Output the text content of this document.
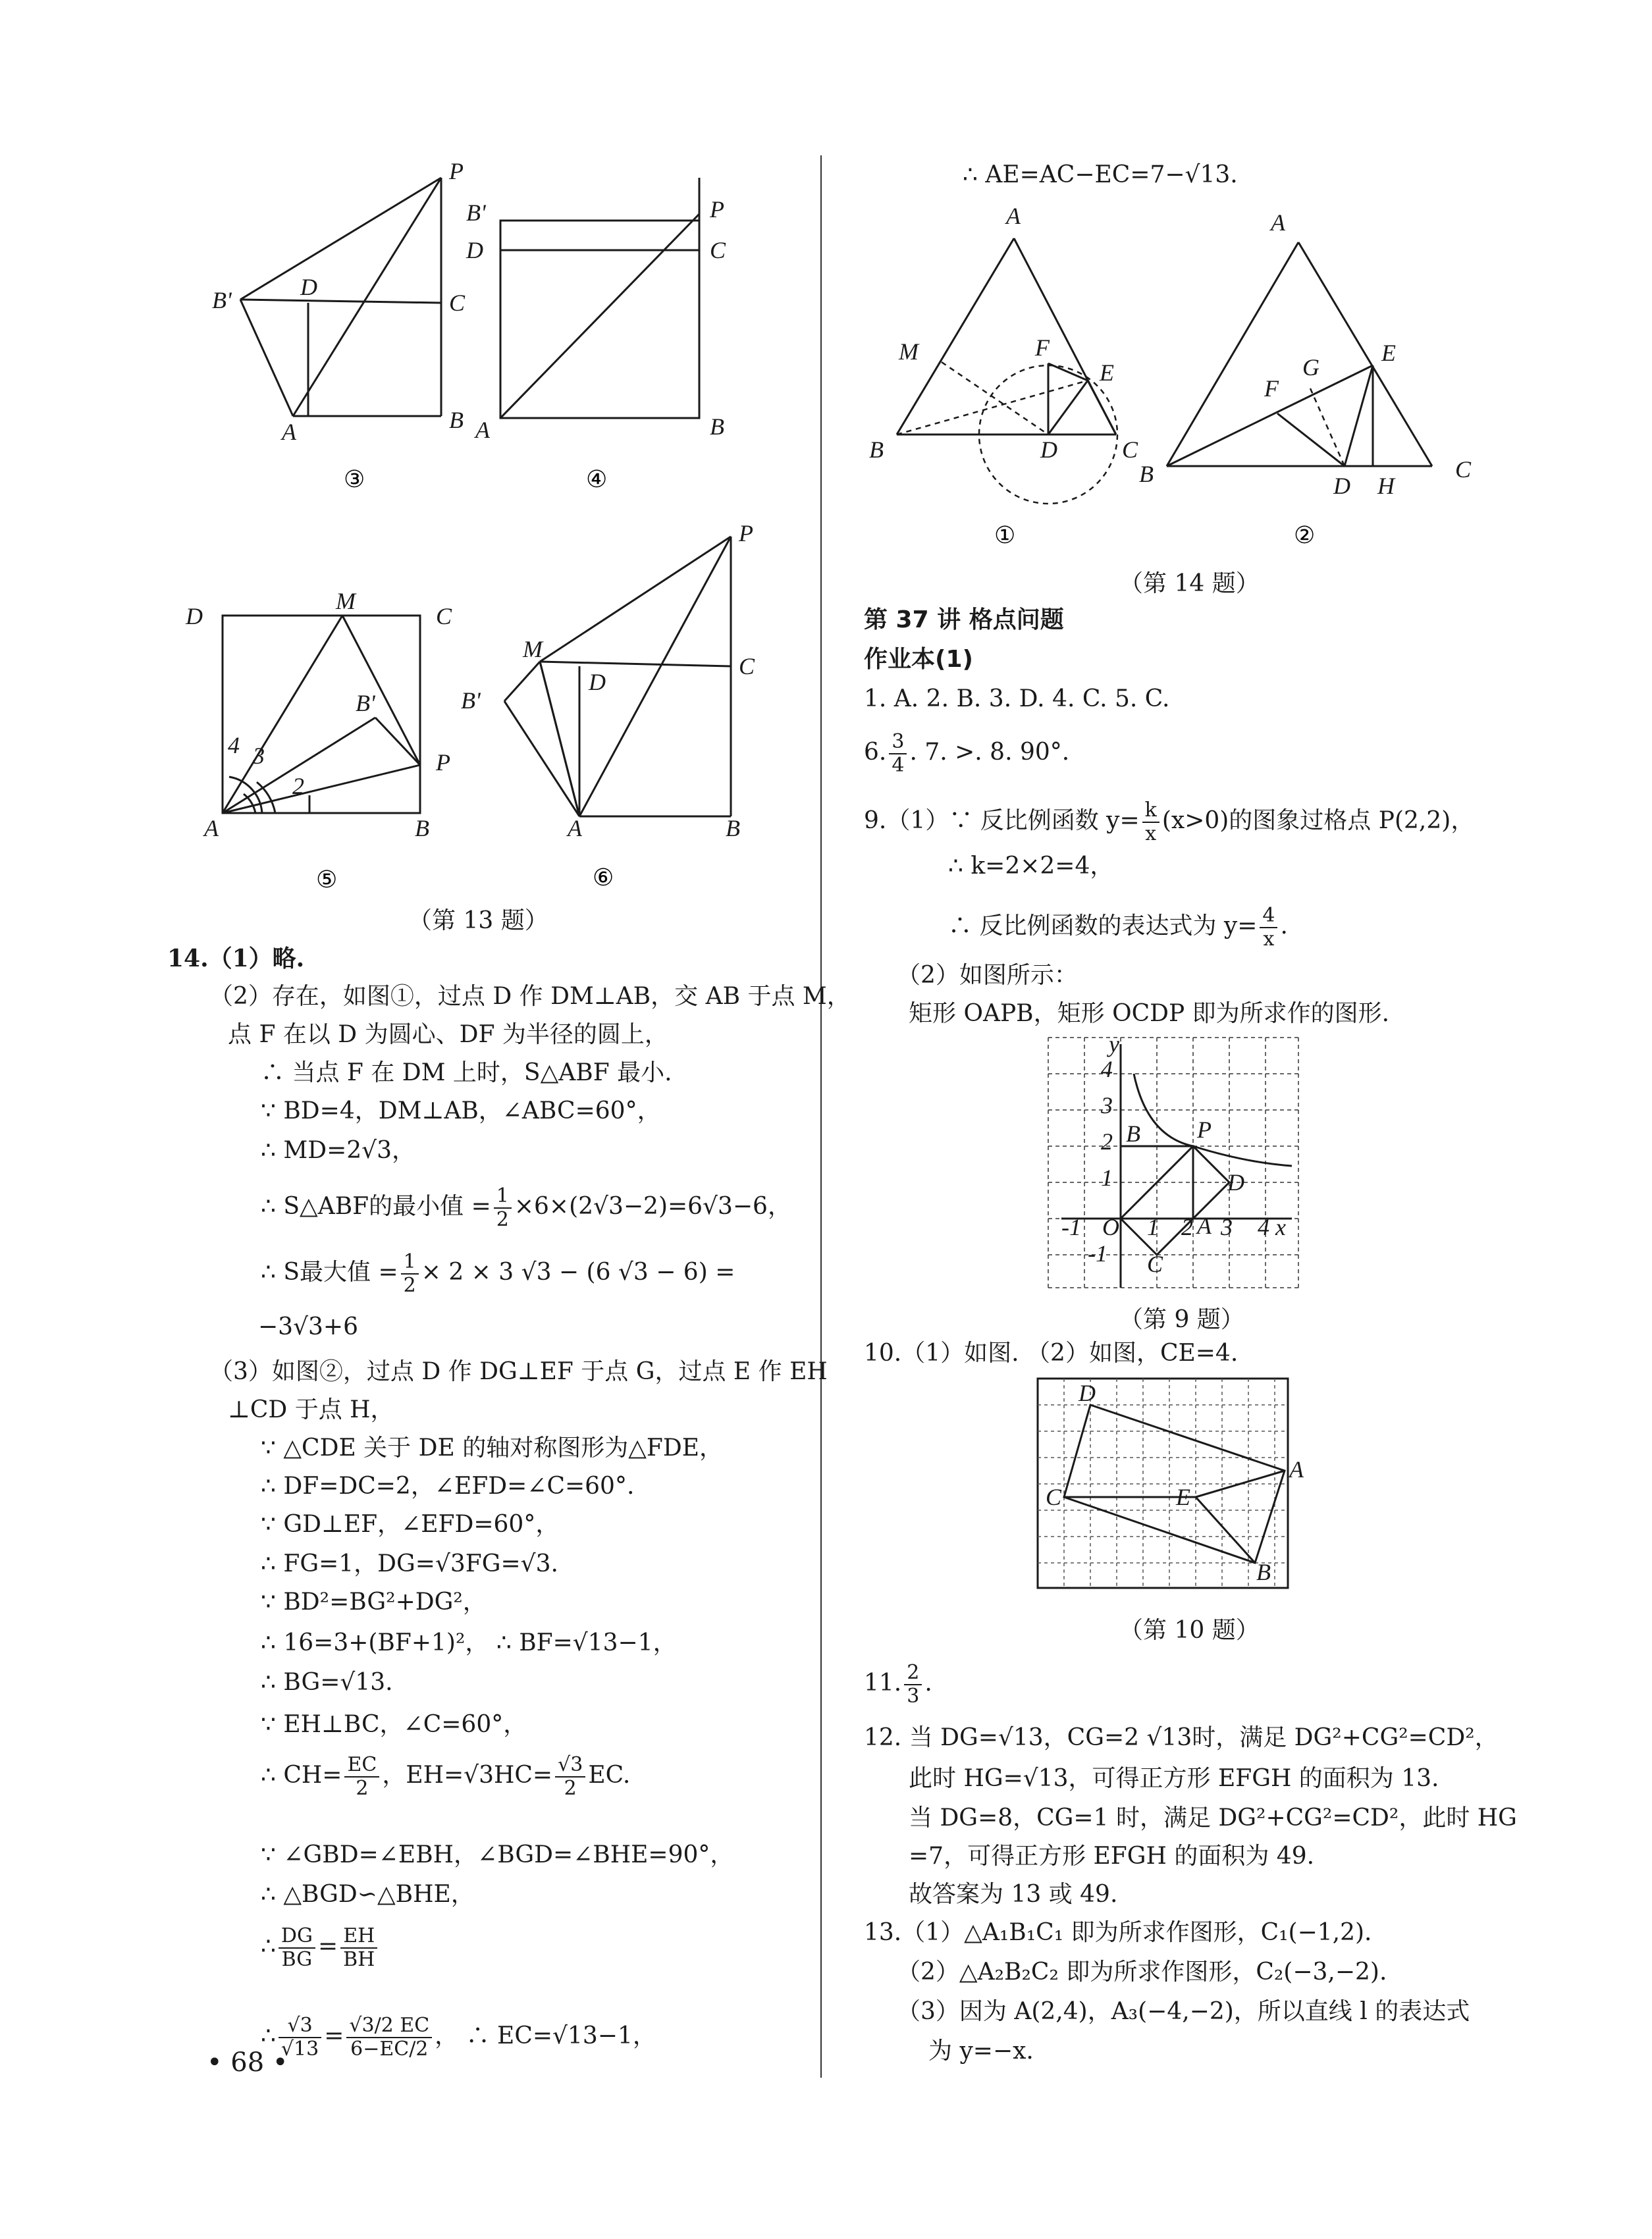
P
B'	D
C
A	B
③
B'
D
P
C
A	B
④
D
M
C
B'
4 3
2
P
A	B
⑤
P
M
C
D
B'
A	B
⑥
（第 13 题）
14.（1）略.
（2）存在，如图①，过点 D 作 DM⊥AB，交 AB 于点 M，
点 F 在以 D 为圆心、DF 为半径的圆上，
∴ 当点 F 在 DM 上时，S△ABF 最小.
∵ BD=4，DM⊥AB，∠ABC=60°，
∴ MD=2√3，
∴ S△ABF的最小值 = $\frac{1}{2} \times 6\times(2√3-2)=6√3-6$，
∴ S最大值 = $\frac{1}{2} \times 2 \times 3$ √3 − (6 √3 − 6) =
−3√3+6
（3）如图②，过点 D 作 DG⊥EF 于点 G，过点 E 作 EH
⊥CD 于点 H，
∵ △CDE 关于 DE 的轴对称图形为△FDE，
∴ DF=DC=2，∠EFD=∠C=60°.
∵ GD⊥EF，∠EFD=60°，
∴ FG=1，DG=√3FG=√3.
∵ BD²=BG²+DG²，
∴ 16=3+(BF+1)²， ∴ BF=√13−1，
∴ BG=√13.
∵ EH⊥BC，∠C=60°，
∴ $CH= \frac{EC}{2}$ ，$EH=√3HC= \frac{√3}{2}$ EC.
∵ ∠GBD=∠EBH，∠BGD=∠BHE=90°，
∴ △BGD∽△BHE，
∴ $\frac{DG}{BG} = \frac{EH}{BH}$
∴ $\frac{√3}{√13} = \frac{√3/2 EC}{6-EC/2}$ ， ∴ EC=√13−1，
• 68 •
∴ AE=AC−EC=7−√13.
A
M	F
E
B	D	C
①
A
E
G
F
B	D H
C
②
（第 14 题）
第 37 讲 格点问题
作业本(1)
1. A. 2. B. 3. D. 4. C. 5. C.
6. $\frac{3}{4}$ . 7. >. 8. 90°.
9.（1）∵ 反比例函数 $y= \frac{k}{x} (x>0)$的图象过格点 P(2,2)，
∴ k=2×2=4，
∴ 反比例函数的表达式为 $y= \frac{4}{x}$ .
（2）如图所示：
矩形 OAPB，矩形 OCDP 即为所求作的图形.
y
4
3
2
1
B P
D
-1 O 1 2 A 3 4 x
-1 C
（第 9 题）
10.（1）如图. （2）如图，CE=4.
D
A
C	E
B
（第 10 题）
11. $\frac{2}{3}$ .
12. 当 DG=√13，CG=2 √13时，满足 DG²+CG²=CD²，
此时 HG=√13，可得正方形 EFGH 的面积为 13.
当 DG=8，CG=1 时，满足 DG²+CG²=CD²，此时 HG
=7，可得正方形 EFGH 的面积为 49.
故答案为 13 或 49.
13.（1）△A₁B₁C₁ 即为所求作图形，C₁(−1,2).
（2）△A₂B₂C₂ 即为所求作图形，C₂(−3,−2).
（3）因为 A(2,4)，A₃(−4,−2)，所以直线 l 的表达式
为 y=−x.
